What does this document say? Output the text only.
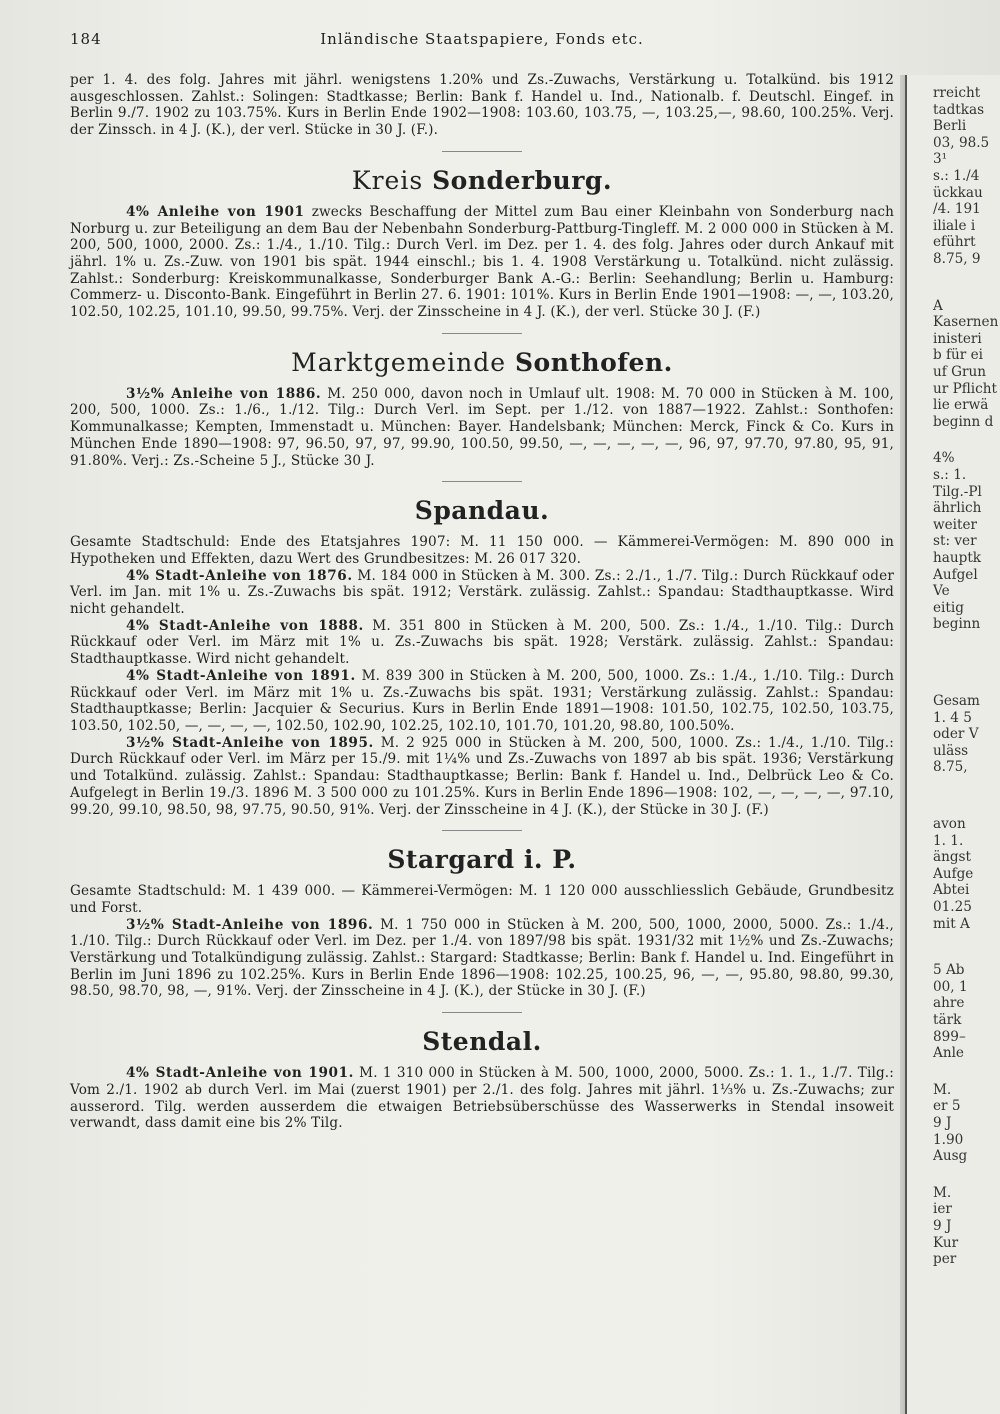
184	Inländische Staatspapiere, Fonds etc.

per 1. 4. des folg. Jahres mit jährl. wenigstens 1.20% und Zs.-Zuwachs, Verstärkung u. Totalkünd. bis 1912 ausgeschlossen. Zahlst.: Solingen: Stadtkasse; Berlin: Bank f. Handel u. Ind., Nationalb. f. Deutschl. Eingef. in Berlin 9./7. 1902 zu 103.75%. Kurs in Berlin Ende 1902—1908: 103.60, 103.75, —, 103.25,—, 98.60, 100.25%. Verj. der Zinssch. in 4 J. (K.), der verl. Stücke in 30 J. (F.).

Kreis Sonderburg.

4% Anleihe von 1901 zwecks Beschaffung der Mittel zum Bau einer Kleinbahn von Sonderburg nach Norburg u. zur Beteiligung an dem Bau der Nebenbahn Sonderburg-Pattburg-Tingleff. M. 2 000 000 in Stücken à M. 200, 500, 1000, 2000. Zs.: 1./4., 1./10. Tilg.: Durch Verl. im Dez. per 1. 4. des folg. Jahres oder durch Ankauf mit jährl. 1% u. Zs.-Zuw. von 1901 bis spät. 1944 einschl.; bis 1. 4. 1908 Verstärkung u. Totalkünd. nicht zulässig. Zahlst.: Sonderburg: Kreiskommunalkasse, Sonderburger Bank A.-G.: Berlin: Seehandlung; Berlin u. Hamburg: Commerz- u. Disconto-Bank. Eingeführt in Berlin 27. 6. 1901: 101%. Kurs in Berlin Ende 1901—1908: —, —, 103.20, 102.50, 102.25, 101.10, 99.50, 99.75%. Verj. der Zinsscheine in 4 J. (K.), der verl. Stücke 30 J. (F.)

Marktgemeinde Sonthofen.

3½% Anleihe von 1886. M. 250 000, davon noch in Umlauf ult. 1908: M. 70 000 in Stücken à M. 100, 200, 500, 1000. Zs.: 1./6., 1./12. Tilg.: Durch Verl. im Sept. per 1./12. von 1887—1922. Zahlst.: Sonthofen: Kommunalkasse; Kempten, Immenstadt u. München: Bayer. Handelsbank; München: Merck, Finck & Co. Kurs in München Ende 1890—1908: 97, 96.50, 97, 97, 99.90, 100.50, 99.50, —, —, —, —, —, 96, 97, 97.70, 97.80, 95, 91, 91.80%. Verj.: Zs.-Scheine 5 J., Stücke 30 J.

Spandau.

Gesamte Stadtschuld: Ende des Etatsjahres 1907: M. 11 150 000. — Kämmerei-Vermögen: M. 890 000 in Hypotheken und Effekten, dazu Wert des Grundbesitzes: M. 26 017 320.

4% Stadt-Anleihe von 1876. M. 184 000 in Stücken à M. 300. Zs.: 2./1., 1./7. Tilg.: Durch Rückkauf oder Verl. im Jan. mit 1% u. Zs.-Zuwachs bis spät. 1912; Verstärk. zulässig. Zahlst.: Spandau: Stadthauptkasse. Wird nicht gehandelt.

4% Stadt-Anleihe von 1888. M. 351 800 in Stücken à M. 200, 500. Zs.: 1./4., 1./10. Tilg.: Durch Rückkauf oder Verl. im März mit 1% u. Zs.-Zuwachs bis spät. 1928; Verstärk. zulässig. Zahlst.: Spandau: Stadthauptkasse. Wird nicht gehandelt.

4% Stadt-Anleihe von 1891. M. 839 300 in Stücken à M. 200, 500, 1000. Zs.: 1./4., 1./10. Tilg.: Durch Rückkauf oder Verl. im März mit 1% u. Zs.-Zuwachs bis spät. 1931; Verstärkung zulässig. Zahlst.: Spandau: Stadthauptkasse; Berlin: Jacquier & Securius. Kurs in Berlin Ende 1891—1908: 101.50, 102.75, 102.50, 103.75, 103.50, 102.50, —, —, —, —, 102.50, 102.90, 102.25, 102.10, 101.70, 101.20, 98.80, 100.50%.

3½% Stadt-Anleihe von 1895. M. 2 925 000 in Stücken à M. 200, 500, 1000. Zs.: 1./4., 1./10. Tilg.: Durch Rückkauf oder Verl. im März per 15./9. mit 1¼% und Zs.-Zuwachs von 1897 ab bis spät. 1936; Verstärkung und Totalkünd. zulässig. Zahlst.: Spandau: Stadthauptkasse; Berlin: Bank f. Handel u. Ind., Delbrück Leo & Co. Aufgelegt in Berlin 19./3. 1896 M. 3 500 000 zu 101.25%. Kurs in Berlin Ende 1896—1908: 102, —, —, —, —, 97.10, 99.20, 99.10, 98.50, 98, 97.75, 90.50, 91%. Verj. der Zinsscheine in 4 J. (K.), der Stücke in 30 J. (F.)

Stargard i. P.

Gesamte Stadtschuld: M. 1 439 000. — Kämmerei-Vermögen: M. 1 120 000 ausschliesslich Gebäude, Grundbesitz und Forst.

3½% Stadt-Anleihe von 1896. M. 1 750 000 in Stücken à M. 200, 500, 1000, 2000, 5000. Zs.: 1./4., 1./10. Tilg.: Durch Rückkauf oder Verl. im Dez. per 1./4. von 1897/98 bis spät. 1931/32 mit 1½% und Zs.-Zuwachs; Verstärkung und Totalkündigung zulässig. Zahlst.: Stargard: Stadtkasse; Berlin: Bank f. Handel u. Ind. Eingeführt in Berlin im Juni 1896 zu 102.25%. Kurs in Berlin Ende 1896—1908: 102.25, 100.25, 96, —, —, 95.80, 98.80, 99.30, 98.50, 98.70, 98, —, 91%. Verj. der Zinsscheine in 4 J. (K.), der Stücke in 30 J. (F.)

Stendal.

4% Stadt-Anleihe von 1901. M. 1 310 000 in Stücken à M. 500, 1000, 2000, 5000. Zs.: 1. 1., 1./7. Tilg.: Vom 2./1. 1902 ab durch Verl. im Mai (zuerst 1901) per 2./1. des folg. Jahres mit jährl. 1⅓% u. Zs.-Zuwachs; zur ausserord. Tilg. werden ausserdem die etwaigen Betriebsüberschüsse des Wasserwerks in Stendal insoweit verwandt, dass damit eine bis 2% Tilg.

rreicht
tadtkas
Berli
03, 98.5
3¹
s.: 1./4
ückkau
/4. 191
iliale i
eführt
8.75, 9
A
Kasernen
inisteri
b für ei
uf Grun
ur Pflicht
lie erwä
beginn d
4%
s.: 1.
Tilg.-Pl
ährlich
weiter
st: ver
hauptk
Aufgel
Ve
eitig
beginn
Gesam
1. 4 5
oder V
uläss
8.75,
avon
1. 1.
ängst
Aufge
Abtei
01.25
mit A
5 Ab
00, 1
ahre
tärk
899–
Anle
M.
er 5
9 J
1.90
Ausg
M.
ier
9 J
Kur
per
